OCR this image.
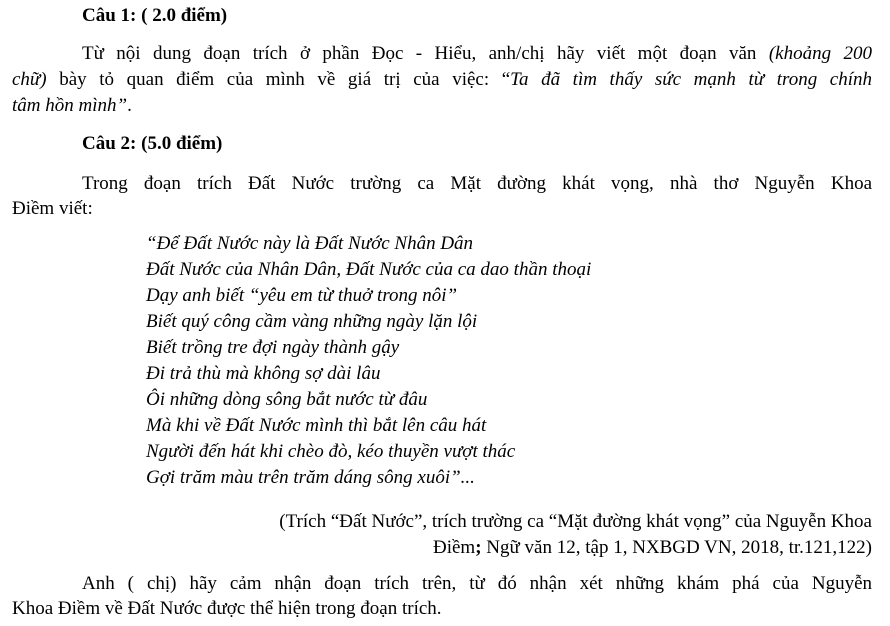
Câu 1: ( 2.0 điểm)
Từ nội dung đoạn trích ở phần Đọc - Hiểu, anh/chị hãy viết một đoạn văn (khoảng 200
chữ) bày tỏ quan điểm của mình về giá trị của việc: “Ta đã tìm thấy sức mạnh từ trong chính
tâm hồn mình”.
Câu 2: (5.0 điểm)
Trong đoạn trích Đất Nước trường ca Mặt đường khát vọng, nhà thơ Nguyễn Khoa
Điềm viết:
“Để Đất Nước này là Đất Nước Nhân Dân
Đất Nước của Nhân Dân, Đất Nước của ca dao thần thoại
Dạy anh biết “yêu em từ thuở trong nôi”
Biết quý công cầm vàng những ngày lặn lội
Biết trồng tre đợi ngày thành gậy
Đi trả thù mà không sợ dài lâu
Ôi những dòng sông bắt nước từ đâu
Mà khi về Đất Nước mình thì bắt lên câu hát
Người đến hát khi chèo đò, kéo thuyền vượt thác
Gợi trăm màu trên trăm dáng sông xuôi”...
(Trích “Đất Nước”, trích trường ca “Mặt đường khát vọng” của Nguyễn Khoa
Điềm; Ngữ văn 12, tập 1, NXBGD VN, 2018, tr.121,122)
Anh ( chị) hãy cảm nhận đoạn trích trên, từ đó nhận xét những khám phá của Nguyễn
Khoa Điềm về Đất Nước được thể hiện trong đoạn trích.
